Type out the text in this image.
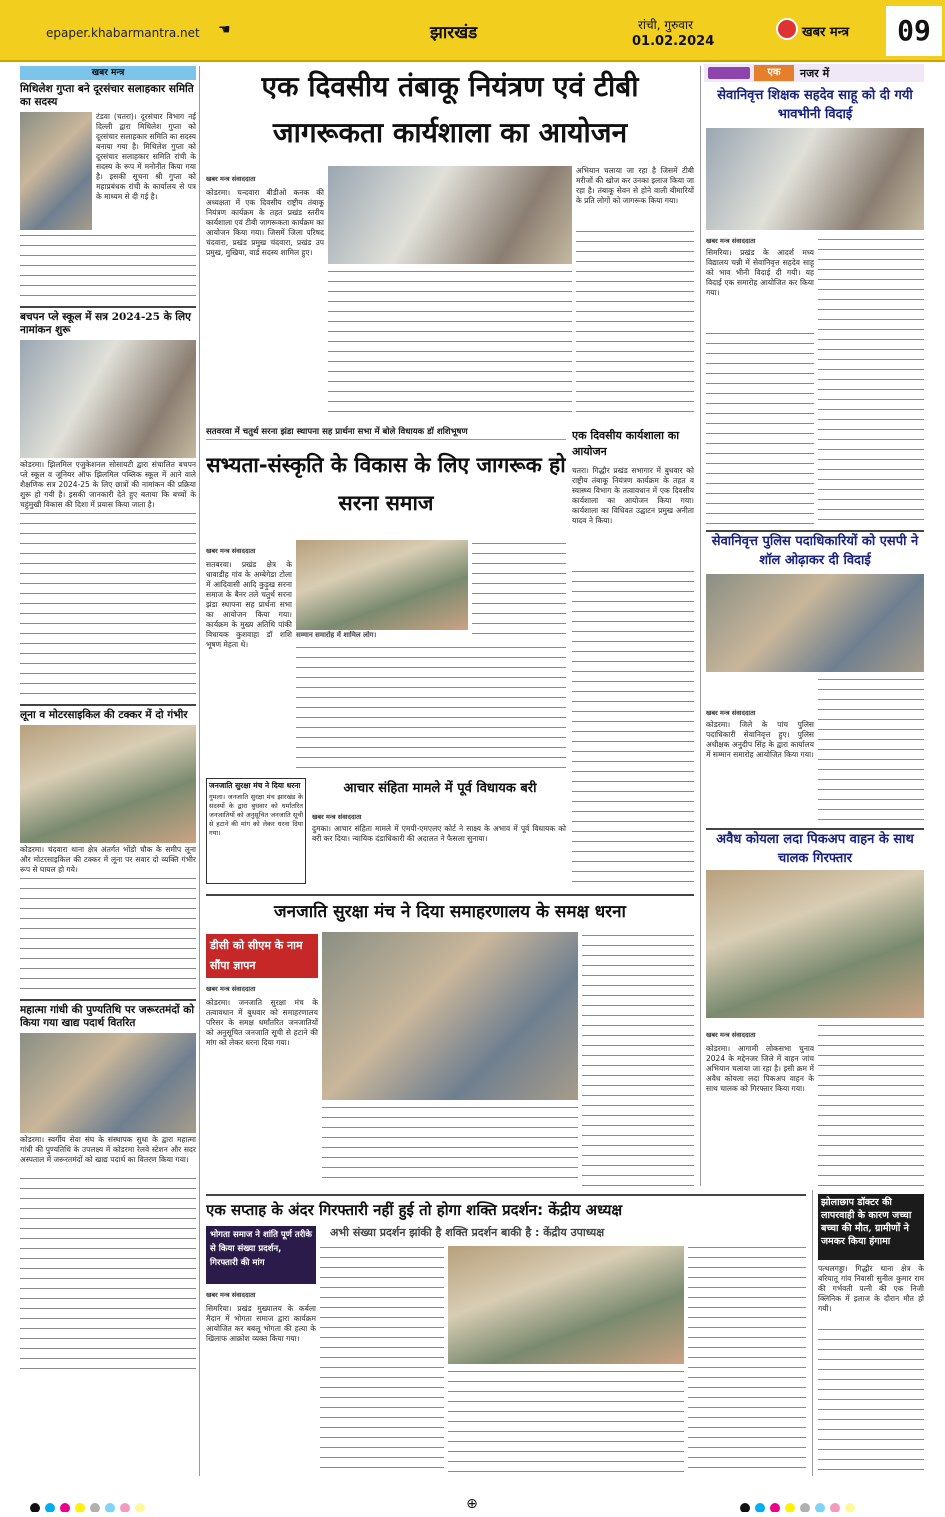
epaper.khabarmantra.net ☚	झारखंड	रांची, गुरुवार
01.02.2024
खबर मन्त्र	09
खबर मन्त्र
मिथिलेश गुप्ता बने दूरसंचार सलाहकार समिति का सदस्य
टंडवा (चतरा)। दूरसंचार विभाग नई दिल्ली द्वारा मिथिलेश गुप्ता को दूरसंचार सलाहकार समिति का सदस्य बनाया गया है। मिथिलेश गुप्ता को दूरसंचार सलाहकार समिति रांची के सदस्य के रूप में मनोनीत किया गया है। इसकी सूचना श्री गुप्ता को महाप्रबंधक रांची के कार्यालय से पत्र के माध्यम से दी गई है।
बचपन प्ले स्कूल में सत्र 2024-25 के लिए नामांकन शुरू
कोडरमा। झिलमिल एजुकेशनल सोसायटी द्वारा संचालित बचपन प्ले स्कूल व जूनियर ऑफ झिलमिल पब्लिक स्कूल में आने वाले शैक्षणिक सत्र 2024-25 के लिए छात्रों की नामांकन की प्रक्रिया शुरू हो गयी है। इसकी जानकारी देते हुए बताया कि बच्चों के चहुंमुखी विकास की दिशा में प्रयास किया जाता है।
लूना व मोटरसाइकिल की टक्कर में दो गंभीर
कोडरमा। चंदवारा थाना क्षेत्र अंतर्गत भोंडो चौक के समीप लूना और मोटरसाइकिल की टक्कर में लूना पर सवार दो व्यक्ति गंभीर रूप से घायल हो गये।
महात्मा गांधी की पुण्यतिथि पर जरूरतमंदों को किया गया खाद्य पदार्थ वितरित
कोडरमा। स्वर्गीय सेवा संघ के संस्थापक सुधा के द्वारा महात्मा गांधी की पुण्यतिथि के उपलक्ष्य में कोडरमा रेलवे स्टेशन और सदर अस्पताल में जरूरतमंदों को खाद्य पदार्थ का वितरण किया गया।
एक दिवसीय तंबाकू नियंत्रण एवं टीबी जागरूकता कार्यशाला का आयोजन
खबर मन्त्र संवाददाता
कोडरमा। चन्दवारा बीडीओ कनक की अध्यक्षता में एक दिवसीय राष्ट्रीय तंबाकू नियंत्रण कार्यक्रम के तहत प्रखंड स्तरीय कार्यशाला एवं टीबी जागरूकता कार्यक्रम का आयोजन किया गया। जिसमें जिला परिषद चंदवारा, प्रखंड प्रमुख चंदवारा, प्रखंड उप प्रमुख, मुखिया, वार्ड सदस्य शामिल हुए।
अभियान चलाया जा रहा है जिसमें टीबी मरीजों की खोज कर उनका इलाज किया जा रहा है। तंबाकू सेवन से होने वाली बीमारियों के प्रति लोगों को जागरूक किया गया।
सतवरवा में चतुर्थ सरना झंडा स्थापना सह प्रार्थना सभा में बोले विधायक डॉ शशिभूषण
सभ्यता-संस्कृति के विकास के लिए जागरूक हो सरना समाज
खबर मन्त्र संवाददाता
सतबरवा। प्रखंड क्षेत्र के धावाडीह गांव के अम्बेगेडा टोला में आदिवासी आदि कुड़ुख सरना समाज के बैनर तले चतुर्थ सरना झंडा स्थापना सह प्रार्थना सभा का आयोजन किया गया। कार्यक्रम के मुख्य अतिथि पांकी विधायक कुशवाहा डॉ शशि भूषण मेहता थे।
सम्मान समारोह में शामिल लोग।
जनजाति सुरक्षा मंच ने दिया धरना
गुमला। जनजाति सुरक्षा मंच झारखंड के सदस्यों के द्वारा बुधवार को धर्मांतरित जनजातियों को अनुसूचित जनजाति सूची से हटाने की मांग को लेकर धरना दिया गया।
आचार संहिता मामले में पूर्व विधायक बरी
खबर मन्त्र संवाददाता
दुमका। आचार संहिता मामले में एमपी-एमएलए कोर्ट ने साक्ष्य के अभाव में पूर्व विधायक को बरी कर दिया। न्यायिक दंडाधिकारी की अदालत ने फैसला सुनाया।
एक दिवसीय कार्यशाला का आयोजन
चतरा। गिद्धौर प्रखंड सभागार में बुधवार को राष्ट्रीय तंबाकू नियंत्रण कार्यक्रम के तहत व स्वास्थ्य विभाग के तत्वावधान में एक दिवसीय कार्यशाला का आयोजन किया गया। कार्यशाला का विधिवत उद्घाटन प्रमुख अनीता यादव ने किया।
जनजाति सुरक्षा मंच ने दिया समाहरणालय के समक्ष धरना
डीसी को सीएम के नाम सौंपा ज्ञापन
खबर मन्त्र संवाददाता
कोडरमा। जनजाति सुरक्षा मंच के तत्वावधान में बुधवार को समाहरणालय परिसर के समक्ष धर्मांतरित जनजातियों को अनुसूचित जनजाति सूची से हटाने की मांग को लेकर धरना दिया गया।
एक सप्ताह के अंदर गिरफ्तारी नहीं हुई तो होगा शक्ति प्रदर्शन: केंद्रीय अध्यक्ष
अभी संख्या प्रदर्शन झांकी है शक्ति प्रदर्शन बाकी है : केंद्रीय उपाध्यक्ष
भोगता समाज ने शांति पूर्ण तरीके से किया संख्या प्रदर्शन, गिरफ्तारी की मांग
खबर मन्त्र संवाददाता
सिमरिया। प्रखंड मुख्यालय के कर्बला मैदान में भोगता समाज द्वारा कार्यक्रम आयोजित कर बबलू भोगता की हत्या के खिलाफ आक्रोश व्यक्त किया गया।
एक	नजर में
सेवानिवृत्त शिक्षक सहदेव साहू को दी गयी भावभीनी विदाई
खबर मन्त्र संवाददाता
सिमरिया। प्रखंड के आदर्श मध्य विद्यालय चन्नी में सेवानिवृत्त सहदेव साहू को भाव भीनी विदाई दी गयी। यह विदाई एक समारोह आयोजित कर किया गया।
सेवानिवृत्त पुलिस पदाधिकारियों को एसपी ने शॉल ओढ़ाकर दी विदाई
खबर मन्त्र संवाददाता
कोडरमा। जिले के पांच पुलिस पदाधिकारी सेवानिवृत्त हुए। पुलिस अधीक्षक अनुदीप सिंह के द्वारा कार्यालय में सम्मान समारोह आयोजित किया गया।
अवैध कोयला लदा पिकअप वाहन के साथ चालक गिरफ्तार
खबर मन्त्र संवाददाता
कोडरमा। आगामी लोकसभा चुनाव 2024 के मद्देनजर जिले में वाहन जांच अभियान चलाया जा रहा है। इसी क्रम में अवैध कोयला लदा पिकअप वाहन के साथ चालक को गिरफ्तार किया गया।
झोलाछाप डॉक्टर की लापरवाही के कारण जच्चा बच्चा की मौत, ग्रामीणों ने जमकर किया हंगामा
पत्थलगड्डा। गिद्धौर थाना क्षेत्र के बरियातू गांव निवासी सुनील कुमार राम की गर्भवती पत्नी की एक निजी क्लिनिक में इलाज के दौरान मौत हो गयी।
⊕
